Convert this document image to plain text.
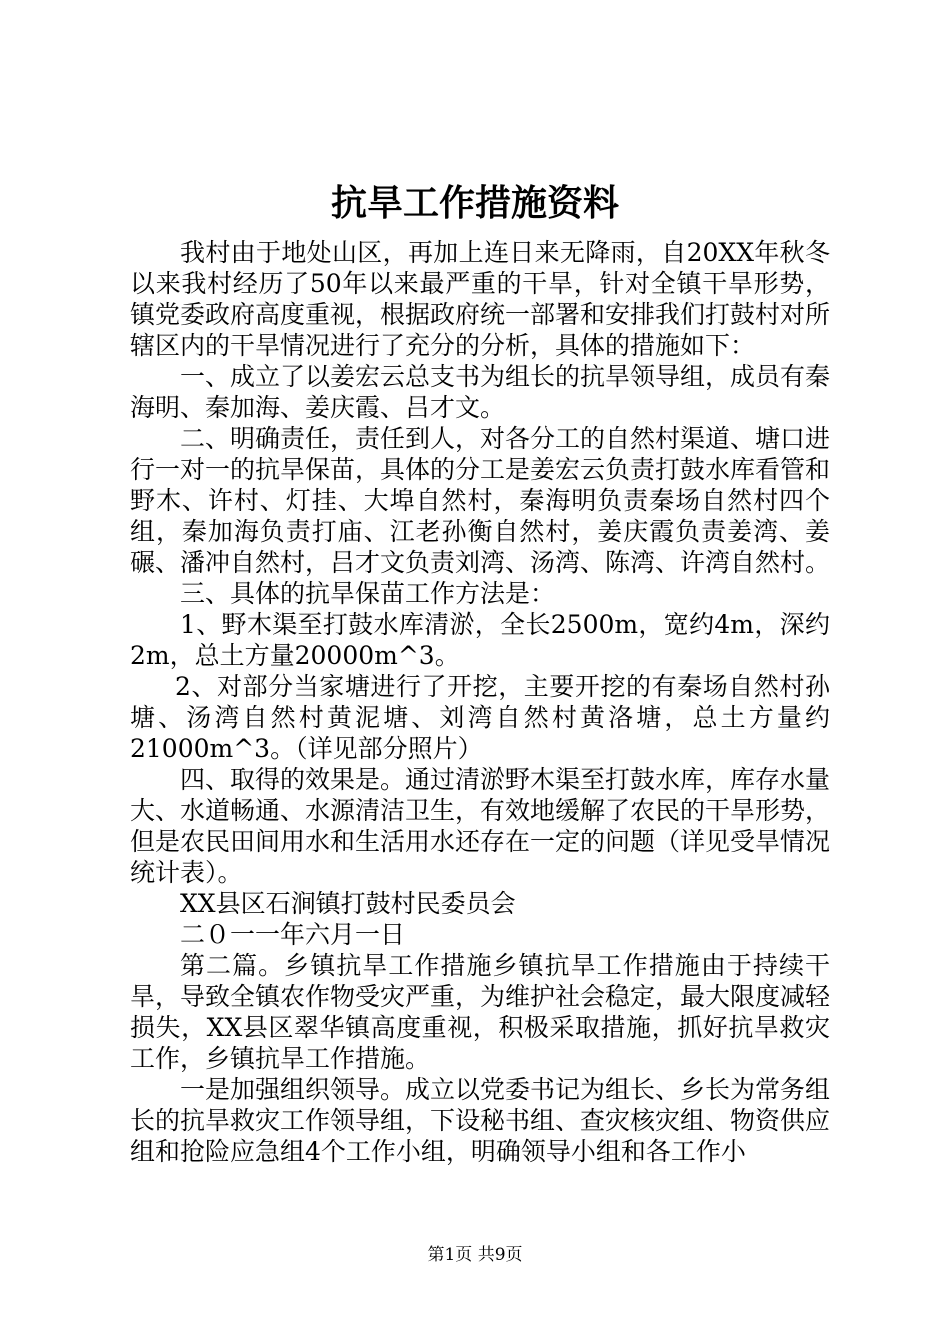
抗旱工作措施资料

我村由于地处山区，再加上连日来无降雨，自20XX年秋冬以来我村经历了50年以来最严重的干旱，针对全镇干旱形势，镇党委政府高度重视，根据政府统一部署和安排我们打鼓村对所辖区内的干旱情况进行了充分的分析，具体的措施如下：

一、成立了以姜宏云总支书为组长的抗旱领导组，成员有秦海明、秦加海、姜庆霞、吕才文。

二、明确责任，责任到人，对各分工的自然村渠道、塘口进行一对一的抗旱保苗，具体的分工是姜宏云负责打鼓水库看管和野木、许村、灯挂、大埠自然村，秦海明负责秦场自然村四个组，秦加海负责打庙、江老孙衡自然村，姜庆霞负责姜湾、姜碾、潘冲自然村，吕才文负责刘湾、汤湾、陈湾、许湾自然村。

三、具体的抗旱保苗工作方法是：

1、野木渠至打鼓水库清淤，全长2500m，宽约4m，深约2m，总土方量20000m^3。

2、对部分当家塘进行了开挖，主要开挖的有秦场自然村孙塘、汤湾自然村黄泥塘、刘湾自然村黄洛塘，总土方量约21000m^3。（详见部分照片）

四、取得的效果是。通过清淤野木渠至打鼓水库，库存水量大、水道畅通、水源清洁卫生，有效地缓解了农民的干旱形势，但是农民田间用水和生活用水还存在一定的问题（详见受旱情况统计表）。

XX县区石涧镇打鼓村民委员会

二０一一年六月一日

第二篇。乡镇抗旱工作措施乡镇抗旱工作措施由于持续干旱，导致全镇农作物受灾严重，为维护社会稳定，最大限度减轻损失，XX县区翠华镇高度重视，积极采取措施，抓好抗旱救灾工作，乡镇抗旱工作措施。

一是加强组织领导。成立以党委书记为组长、乡长为常务组长的抗旱救灾工作领导组，下设秘书组、查灾核灾组、物资供应组和抢险应急组4个工作小组，明确领导小组和各工作小

第1页 共9页
